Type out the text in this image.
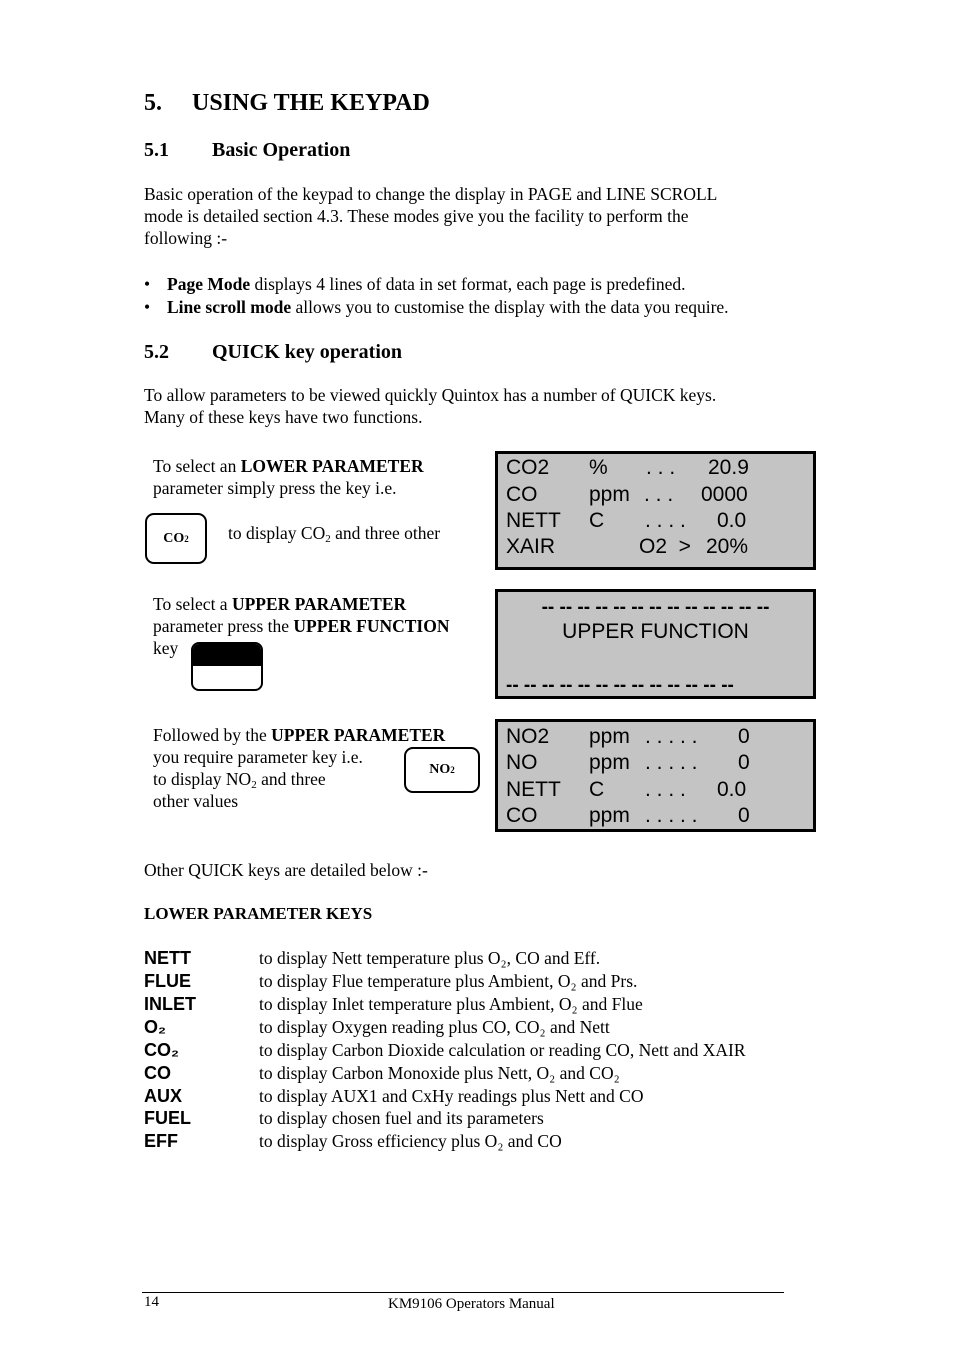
5. USING THE KEYPAD
5.1 Basic Operation
Basic operation of the keypad to change the display in PAGE and LINE SCROLL
mode is detailed section 4.3. These modes give you the facility to perform the
following :-
• Page Mode displays 4 lines of data in set format, each page is predefined.
• Line scroll mode allows you to customise the display with the data you require.
5.2 QUICK key operation
To allow parameters to be viewed quickly Quintox has a number of QUICK keys.
Many of these keys have two functions.
To select an LOWER PARAMETER
parameter simply press the key i.e.
CO 2 to display $CO_2$ and three other
CO2 % . . . 20.9
CO ppm . . . 0000
NETT C . . . . 0.0
XAIR	O2  > 20%
To select a UPPER PARAMETER
parameter press the UPPER FUNCTION
key
-- -- -- -- -- -- -- -- -- -- -- -- --
UPPER FUNCTION
-- -- -- -- -- -- -- -- -- -- -- -- --
Followed by the UPPER PARAMETER
you require parameter key i.e.
to display $NO_2$ and three
other values
NO 2
NO2 ppm . . . . . 0
NO ppm . . . . . 0
NETT C . . . . 0.0
CO ppm . . . . . 0
Other QUICK keys are detailed below :-
LOWER PARAMETER KEYS
NETT	to display Nett temperature plus O₂, CO and Eff.
FLUE	to display Flue temperature plus Ambient, O₂ and Prs.
INLET	to display Inlet temperature plus Ambient, O₂ and Flue
O₂	to display Oxygen reading plus CO, CO₂ and Nett
CO₂	to display Carbon Dioxide calculation or reading CO, Nett and XAIR
CO	to display Carbon Monoxide plus Nett, O₂ and CO₂
AUX	to display AUX1 and CxHy readings plus Nett and CO
FUEL	to display chosen fuel and its parameters
EFF	to display Gross efficiency plus O₂ and CO
14	KM9106 Operators Manual
